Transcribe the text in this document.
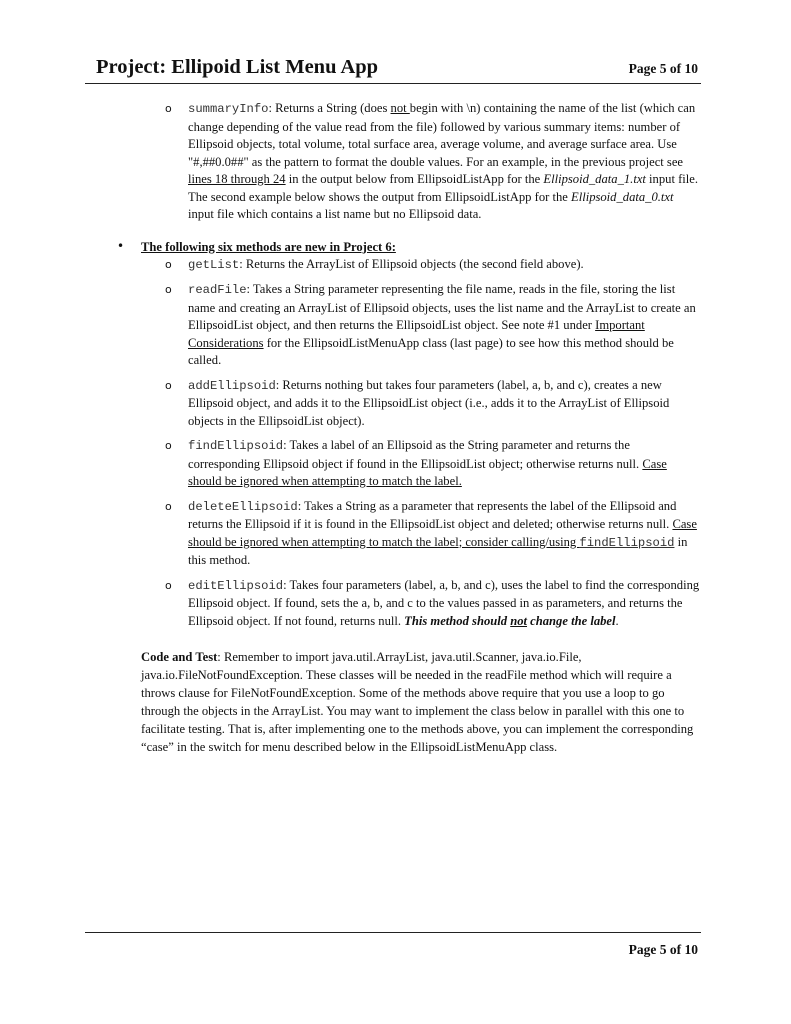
Project: Ellipoid List Menu App	Page 5 of 10
o summaryInfo: Returns a String (does not begin with \n) containing the name of the list (which can change depending of the value read from the file) followed by various summary items: number of Ellipsoid objects, total volume, total surface area, average volume, and average surface area. Use "#,##0.0##" as the pattern to format the double values. For an example, in the previous project see lines 18 through 24 in the output below from EllipsoidListApp for the Ellipsoid_data_1.txt input file. The second example below shows the output from EllipsoidListApp for the Ellipsoid_data_0.txt input file which contains a list name but no Ellipsoid data.
• The following six methods are new in Project 6:
o getList: Returns the ArrayList of Ellipsoid objects (the second field above).
o readFile: Takes a String parameter representing the file name, reads in the file, storing the list name and creating an ArrayList of Ellipsoid objects, uses the list name and the ArrayList to create an EllipsoidList object, and then returns the EllipsoidList object. See note #1 under Important Considerations for the EllipsoidListMenuApp class (last page) to see how this method should be called.
o addEllipsoid: Returns nothing but takes four parameters (label, a, b, and c), creates a new Ellipsoid object, and adds it to the EllipsoidList object (i.e., adds it to the ArrayList of Ellipsoid objects in the EllipsoidList object).
o findEllipsoid: Takes a label of an Ellipsoid as the String parameter and returns the corresponding Ellipsoid object if found in the EllipsoidList object; otherwise returns null. Case should be ignored when attempting to match the label.
o deleteEllipsoid: Takes a String as a parameter that represents the label of the Ellipsoid and returns the Ellipsoid if it is found in the EllipsoidList object and deleted; otherwise returns null. Case should be ignored when attempting to match the label; consider calling/using findEllipsoid in this method.
o editEllipsoid: Takes four parameters (label, a, b, and c), uses the label to find the corresponding Ellipsoid object. If found, sets the a, b, and c to the values passed in as parameters, and returns the Ellipsoid object. If not found, returns null. This method should not change the label.
Code and Test: Remember to import java.util.ArrayList, java.util.Scanner, java.io.File, java.io.FileNotFoundException. These classes will be needed in the readFile method which will require a throws clause for FileNotFoundException. Some of the methods above require that you use a loop to go through the objects in the ArrayList. You may want to implement the class below in parallel with this one to facilitate testing. That is, after implementing one to the methods above, you can implement the corresponding “case” in the switch for menu described below in the EllipsoidListMenuApp class.
Page 5 of 10
